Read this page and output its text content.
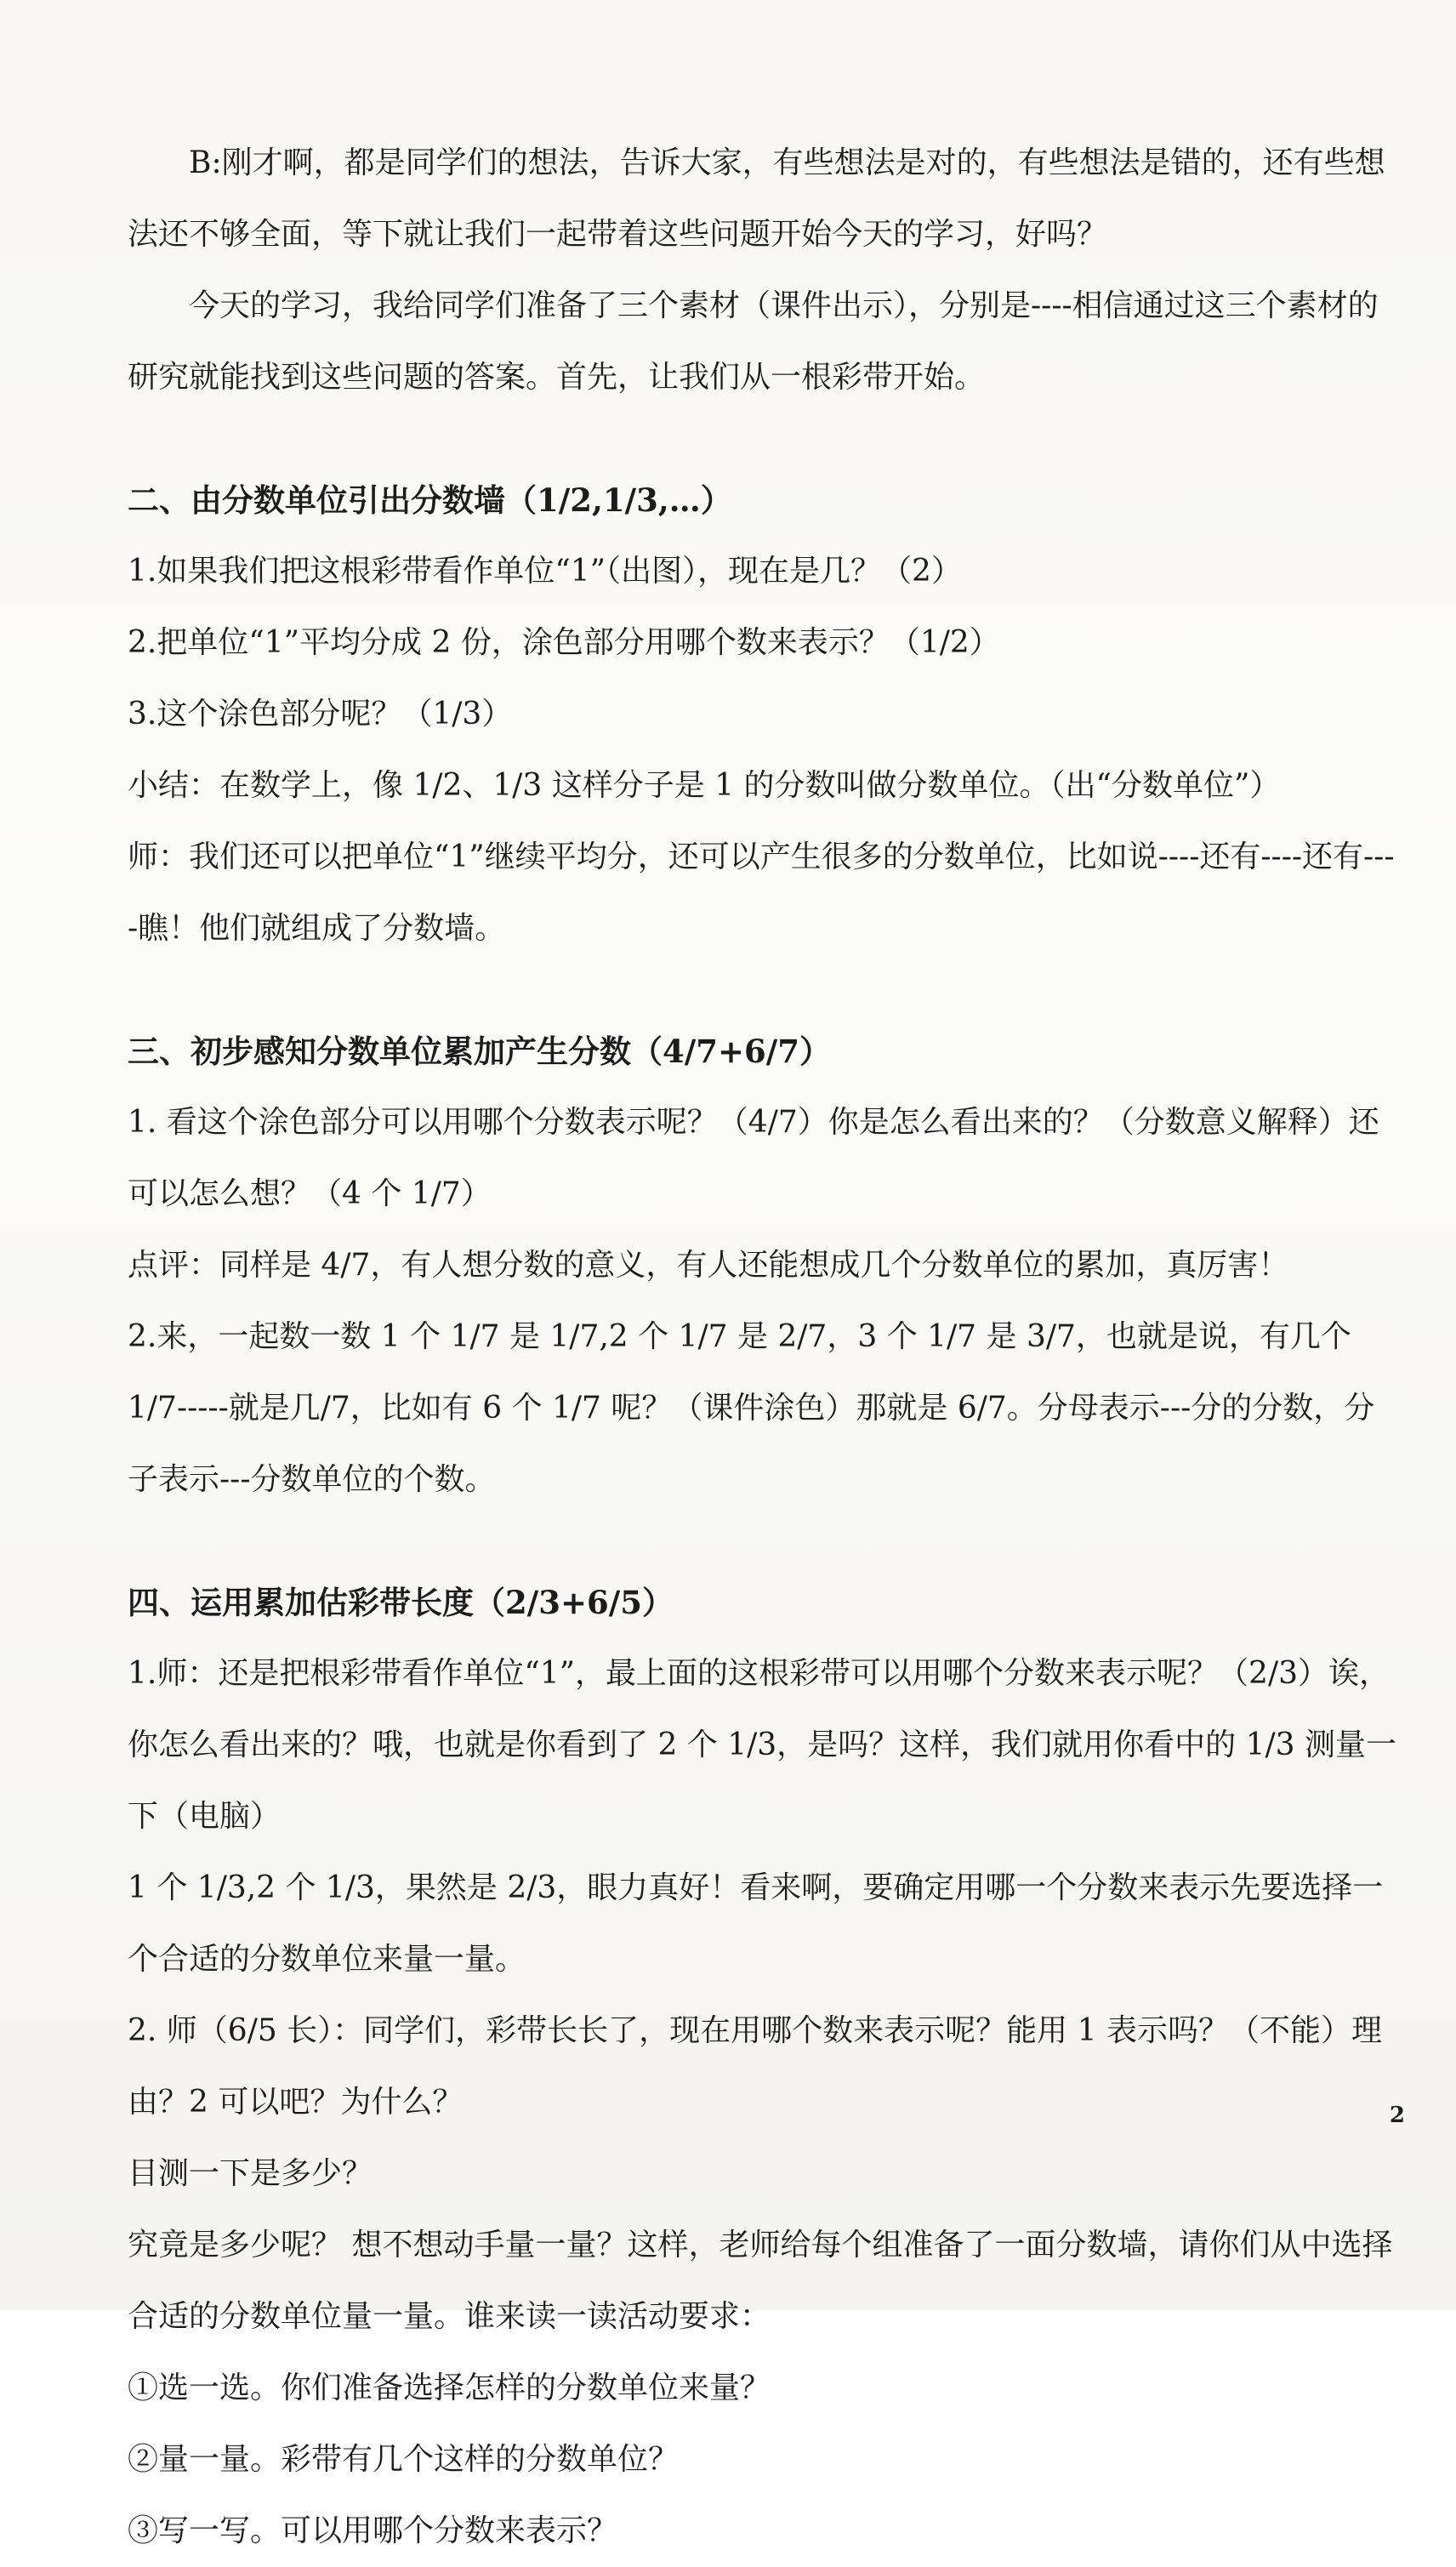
B:刚才啊，都是同学们的想法，告诉大家，有些想法是对的，有些想法是错的，还有些想法还不够全面，等下就让我们一起带着这些问题开始今天的学习，好吗？

今天的学习，我给同学们准备了三个素材（课件出示），分别是----相信通过这三个素材的研究就能找到这些问题的答案。首先，让我们从一根彩带开始。

二、由分数单位引出分数墙（1/2,1/3,…）

1.如果我们把这根彩带看作单位“1”（出图），现在是几？（2）

2.把单位“1”平均分成 2 份，涂色部分用哪个数来表示？（1/2）

3.这个涂色部分呢？（1/3）

小结：在数学上，像 1/2、1/3 这样分子是 1 的分数叫做分数单位。（出“分数单位”）

师：我们还可以把单位“1”继续平均分，还可以产生很多的分数单位，比如说----还有----还有----瞧！他们就组成了分数墙。

三、初步感知分数单位累加产生分数（4/7+6/7）

1. 看这个涂色部分可以用哪个分数表示呢？（4/7）你是怎么看出来的？（分数意义解释）还可以怎么想？（4 个 1/7）

点评：同样是 4/7，有人想分数的意义，有人还能想成几个分数单位的累加，真厉害！

2.来，一起数一数 1 个 1/7 是 1/7,2 个 1/7 是 2/7，3 个 1/7 是 3/7，也就是说，有几个 1/7-----就是几/7，比如有 6 个 1/7 呢？（课件涂色）那就是 6/7。分母表示---分的分数，分子表示---分数单位的个数。

四、运用累加估彩带长度（2/3+6/5）

1.师：还是把根彩带看作单位“1”，最上面的这根彩带可以用哪个分数来表示呢？（2/3）诶，你怎么看出来的？哦，也就是你看到了 2 个 1/3，是吗？这样，我们就用你看中的 1/3 测量一下（电脑）

1 个 1/3,2 个 1/3，果然是 2/3，眼力真好！看来啊，要确定用哪一个分数来表示先要选择一个合适的分数单位来量一量。

2. 师（6/5 长）：同学们，彩带长长了，现在用哪个数来表示呢？能用 1 表示吗？（不能）理由？2 可以吧？为什么？

目测一下是多少？

究竟是多少呢？ 想不想动手量一量？这样，老师给每个组准备了一面分数墙，请你们从中选择合适的分数单位量一量。谁来读一读活动要求：

①选一选。你们准备选择怎样的分数单位来量？

②量一量。彩带有几个这样的分数单位？

③写一写。可以用哪个分数来表示？

2
